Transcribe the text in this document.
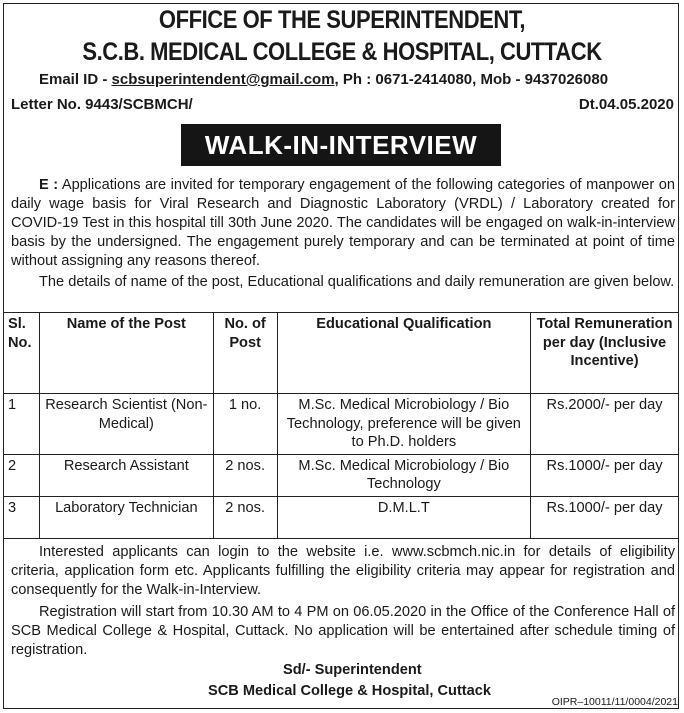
OFFICE OF THE SUPERINTENDENT,
S.C.B. MEDICAL COLLEGE & HOSPITAL, CUTTACK
Email ID - scbsuperintendent@gmail.com, Ph : 0671-2414080, Mob - 9437026080
Letter No. 9443/SCBMCH/	Dt.04.05.2020
WALK-IN-INTERVIEW
E : Applications are invited for temporary engagement of the following categories of manpower on daily wage basis for Viral Research and Diagnostic Laboratory (VRDL) / Laboratory created for COVID-19 Test in this hospital till 30th June 2020. The candidates will be engaged on walk-in-interview basis by the undersigned. The engagement purely temporary and can be terminated at point of time without assigning any reasons thereof.
The details of name of the post, Educational qualifications and daily remuneration are given below.
Sl. No.	Name of the Post	No. of Post	Educational Qualification	Total Remuneration per day (Inclusive Incentive)
1	Research Scientist (Non-Medical)	1 no.	M.Sc. Medical Microbiology / Bio Technology, preference will be given to Ph.D. holders	Rs.2000/- per day
2	Research Assistant	2 nos.	M.Sc. Medical Microbiology / Bio Technology	Rs.1000/- per day
3	Laboratory Technician	2 nos.	D.M.L.T	Rs.1000/- per day
Interested applicants can login to the website i.e. www.scbmch.nic.in for details of eligibility criteria, application form etc. Applicants fulfilling the eligibility criteria may appear for registration and consequently for the Walk-in-Interview.
Registration will start from 10.30 AM to 4 PM on 06.05.2020 in the Office of the Conference Hall of SCB Medical College & Hospital, Cuttack. No application will be entertained after schedule timing of registration.
Sd/- Superintendent
SCB Medical College & Hospital, Cuttack
OIPR–10011/11/0004/2021
